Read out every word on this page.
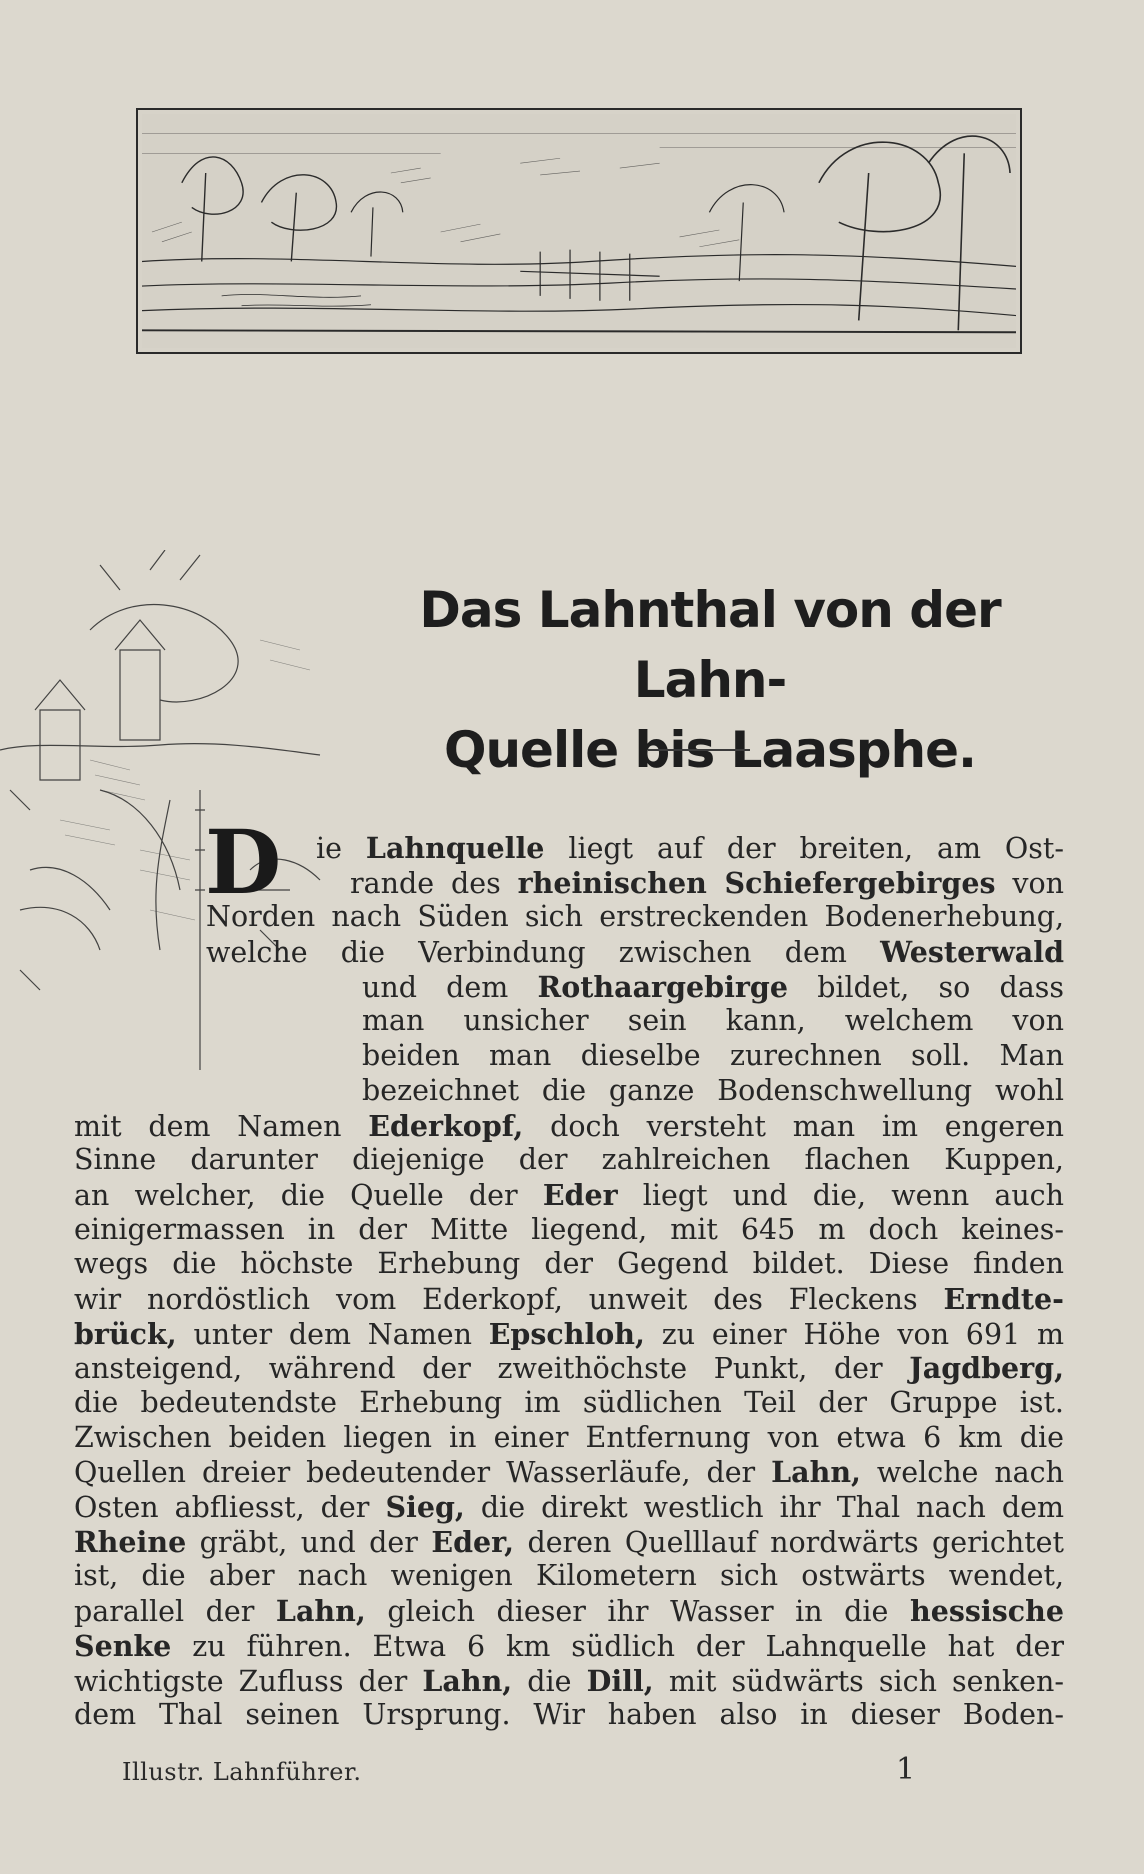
Das Lahnthal von der Lahn-
Quelle bis Laasphe.
D	ie Lahnquelle liegt auf der breiten, am Ost-
rande des rheinischen Schiefergebirges von
Norden nach Süden sich erstreckenden Bodenerhebung,
welche die Verbindung zwischen dem Westerwald
und dem Rothaargebirge bildet, so dass
man unsicher sein kann, welchem von
beiden man dieselbe zurechnen soll. Man
bezeichnet die ganze Bodenschwellung wohl
mit dem Namen Ederkopf, doch versteht man im engeren
Sinne darunter diejenige der zahlreichen flachen Kuppen,
an welcher, die Quelle der Eder liegt und die, wenn auch
einigermassen in der Mitte liegend, mit 645 m doch keines-
wegs die höchste Erhebung der Gegend bildet. Diese finden
wir nordöstlich vom Ederkopf, unweit des Fleckens Erndte-
brück, unter dem Namen Epschloh, zu einer Höhe von 691 m
ansteigend, während der zweithöchste Punkt, der Jagdberg,
die bedeutendste Erhebung im südlichen Teil der Gruppe ist.
Zwischen beiden liegen in einer Entfernung von etwa 6 km die
Quellen dreier bedeutender Wasserläufe, der Lahn, welche nach
Osten abfliesst, der Sieg, die direkt westlich ihr Thal nach dem
Rheine gräbt, und der Eder, deren Quelllauf nordwärts gerichtet
ist, die aber nach wenigen Kilometern sich ostwärts wendet,
parallel der Lahn, gleich dieser ihr Wasser in die hessische
Senke zu führen. Etwa 6 km südlich der Lahnquelle hat der
wichtigste Zufluss der Lahn, die Dill, mit südwärts sich senken-
dem Thal seinen Ursprung. Wir haben also in dieser Boden-
Illustr. Lahnführer.	1
